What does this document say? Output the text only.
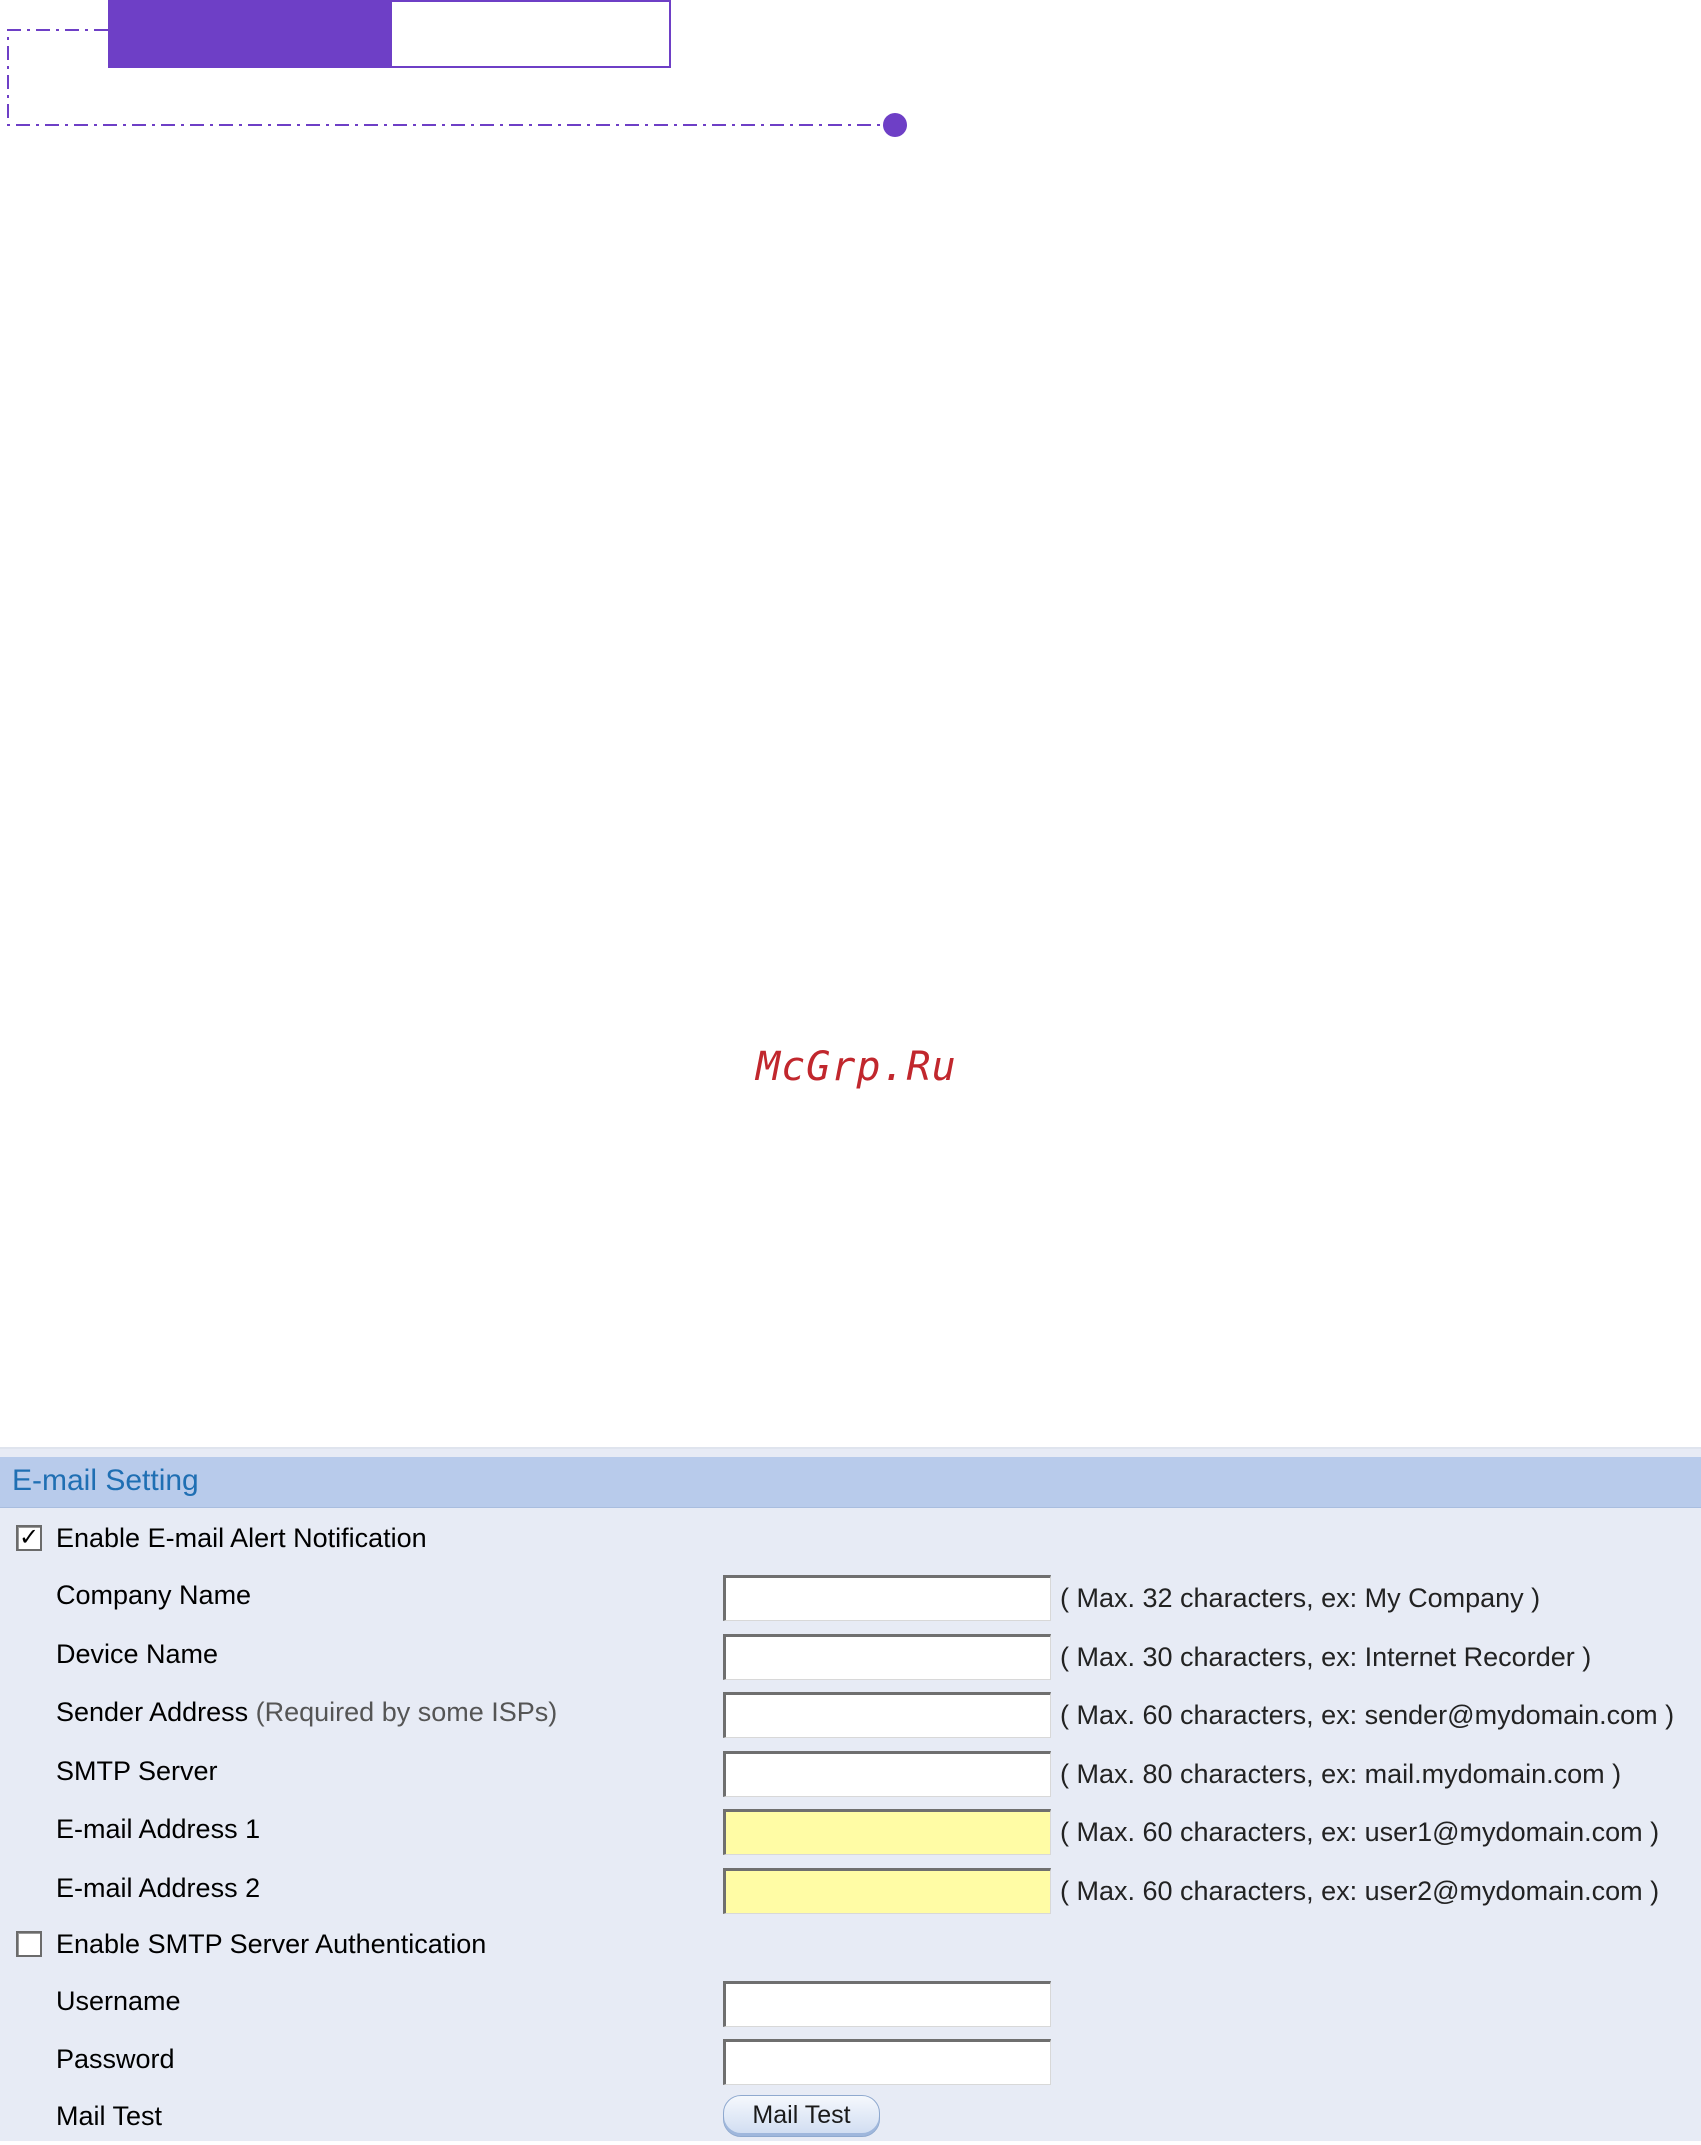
McGrp.Ru
E-mail Setting
✓ Enable E-mail Alert Notification
Company Name	( Max. 32 characters, ex: My Company )
Device Name	( Max. 30 characters, ex: Internet Recorder )
Sender Address (Required by some ISPs)	( Max. 60 characters, ex: sender@mydomain.com )
SMTP Server	( Max. 80 characters, ex: mail.mydomain.com )
E-mail Address 1	( Max. 60 characters, ex: user1@mydomain.com )
E-mail Address 2	( Max. 60 characters, ex: user2@mydomain.com )
Enable SMTP Server Authentication
Username
Password
Mail Test	Mail Test
